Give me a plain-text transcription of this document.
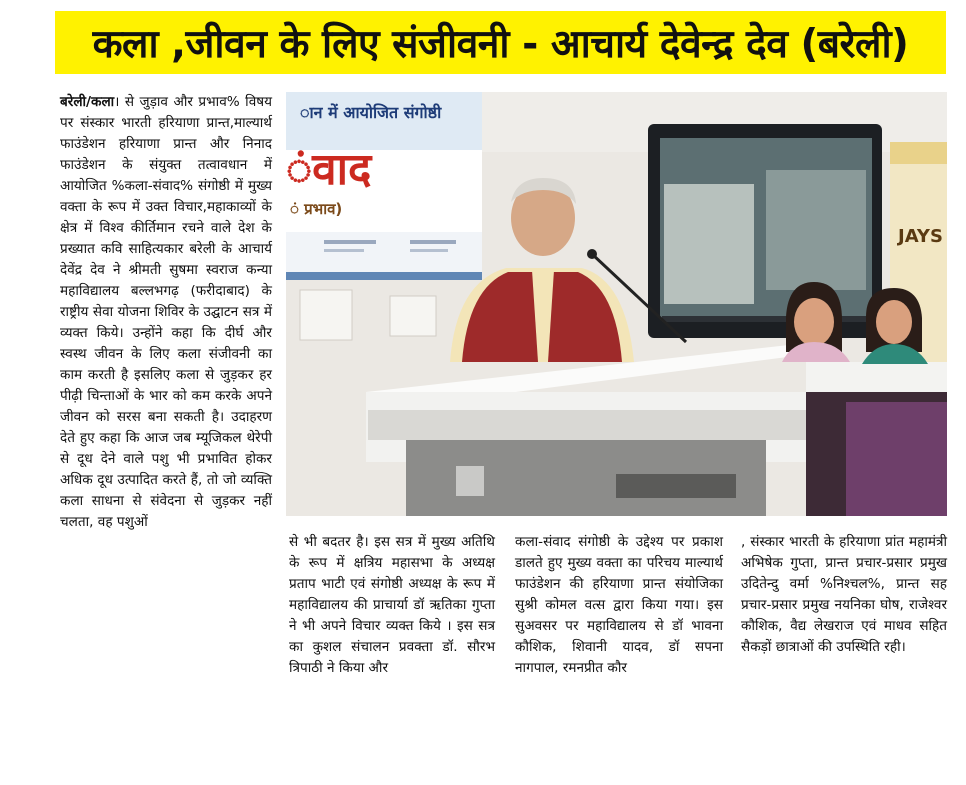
कला ,जीवन के लिए संजीवनी - आचार्य देवेन्द्र देव (बरेली)

बरेली/कला। से जुड़ाव और प्रभाव% विषय पर संस्कार भारती हरियाणा प्रान्त,माल्यार्थ फाउंडेशन हरियाणा प्रान्त और निनाद फाउंडेशन के संयुक्त तत्वावधान में आयोजित %कला-संवाद% संगोष्ठी में मुख्य वक्ता के रूप में उक्त विचार,महाकाव्यों के क्षेत्र में विश्व कीर्तिमान रचने वाले देश के प्रख्यात कवि साहित्यकार बरेली के आचार्य देवेंद्र देव ने श्रीमती सुषमा स्वराज कन्या महाविद्यालय बल्लभगढ़ (फरीदाबाद) के राष्ट्रीय सेवा योजना शिविर के उद्घाटन सत्र में व्यक्त किये। उन्होंने कहा कि दीर्घ और स्वस्थ जीवन के लिए कला संजीवनी का काम करती है इसलिए कला से जुड़कर हर पीढ़ी चिन्ताओं के भार को कम करके अपने जीवन को सरस बना सकती है। उदाहरण देते हुए कहा कि आज जब म्यूजिकल थेरेपी से दूध देने वाले पशु भी प्रभावित होकर अधिक दूध उत्पादित करते हैं, तो जो व्यक्ति कला साधना से संवेदना से जुड़कर नहीं चलता, वह पशुओं

ान में आयोजित संगोष्ठी
ंवाद
ं प्रभाव)
JAYS

से भी बदतर है। इस सत्र में मुख्य अतिथि के रूप में क्षत्रिय महासभा के अध्यक्ष प्रताप भाटी एवं संगोष्ठी अध्यक्ष के रूप में महाविद्यालय की प्राचार्या डॉ ऋतिका गुप्ता ने भी अपने विचार व्यक्त किये । इस सत्र का कुशल संचालन प्रवक्ता डॉ. सौरभ त्रिपाठी ने किया और

कला-संवाद संगोष्ठी के उद्देश्य पर प्रकाश डालते हुए मुख्य वक्ता का परिचय माल्यार्थ फाउंडेशन की हरियाणा प्रान्त संयोजिका सुश्री कोमल वत्स द्वारा किया गया। इस सुअवसर पर महाविद्यालय से डॉ भावना कौशिक, शिवानी यादव, डॉ सपना नागपाल, रमनप्रीत कौर

, संस्कार भारती के हरियाणा प्रांत महामंत्री अभिषेक गुप्ता, प्रान्त प्रचार-प्रसार प्रमुख उदितेन्दु वर्मा %निश्चल%, प्रान्त सह प्रचार-प्रसार प्रमुख नयनिका घोष, राजेश्वर कौशिक, वैद्य लेखराज एवं माधव सहित सैकड़ों छात्राओं की उपस्थिति रही।
